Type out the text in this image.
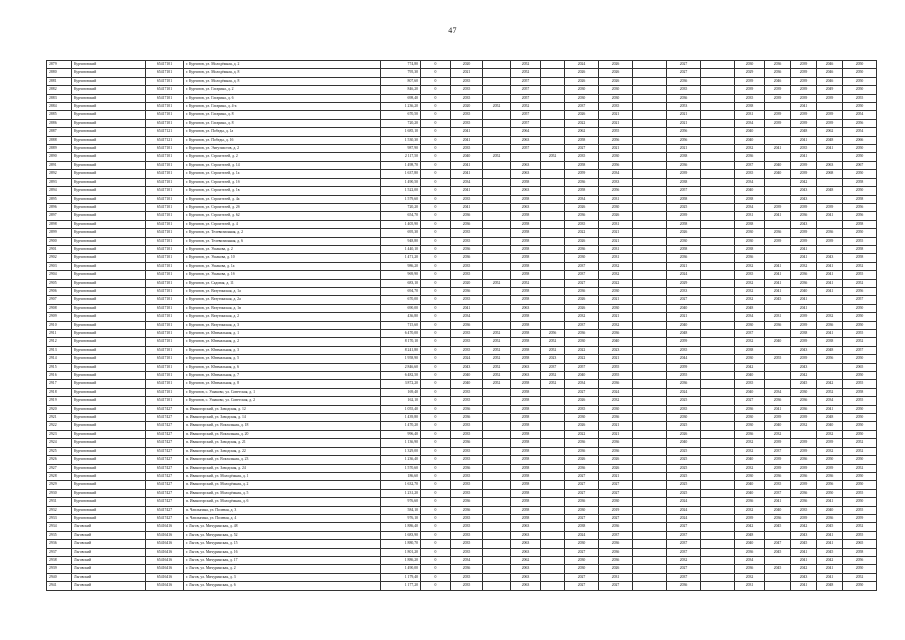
47
2879	Курчатовский	65417101	г. Курчатов, ул. Молодёжная, д. 2	774,80	0	2020		2052		2024	2026		2027		2030	2036	2039	2046	2050
2880	Курчатовский	65417101	г. Курчатов, ул. Молодёжная, д. 8	795,30	0	2021		2052		2026	2026		2027		2029	2036	2039	2046	2050
2881	Курчатовский	65417101	г. Курчатов, ул. Молодёжная, д. 8	807,60	0	2035		2057		2026	2026		2036		2039	2046	2039	2046	2050
2882	Курчатовский	65417101	г. Курчатов, ул. Гагарина, д. 2	846,20	0	2035		2057		2030	2030		2035		2039	2039	2039	2049	2050
2883	Курчатовский	65417101	г. Курчатов, ул. Гагарина, д. 6	698,40	0	2035		2057		2030	2030		2036		2035	2039	2039	2039	2055
2884	Курчатовский	65417101	г. Курчатов, ул. Гагарина, д. 4-а	1 236,20	0	2020	2052	2052		2037	2035		2053		2038		2041		2050
2885	Курчатовский	65417101	г. Курчатов, ул. Гагарина, д. 8	670,50	0	2035		2057		2026	2021		2021		2031	2039	2039	2039	2054
2886	Курчатовский	65417101	г. Курчатов, ул. Гагарина, д. 8	720,20	0	2035		2057		2022	2021		2021		2034	2039	2039	2039	2056
2887	Курчатовский	65417121	г. Курчатов, ул. Победы, д. 1а	1 685,10	0	2041		2064		2062	2055		2056		2040		2048	2062	2054
2888	Курчатовский	65417121	г. Курчатов, ул. Победы, д. 16	1 530,30	0	2041		2063		2058	2056		2056		2040		2041	2048	2066
2889	Курчатовский	65417101	г. Курчатов, ул. Энтузиастов, д. 2	987,90	0	2035		2057		2027	2021		2021		2032	2041	2035	2041	2050
2890	Курчатовский	65417101	г. Курчатов, ул. Строителей, д. 2	2 117,50	0	2040	2052		2052	2035	2030		2038		2036		2041		2050
2891	Курчатовский	65417101	г. Курчатов, ул. Строителей, д. 14	1 498,70	0	2041		2063		2058	2056		2036		2037	2040	2039	2063	2067
2892	Курчатовский	65417101	г. Курчатов, ул. Строителей, д. 1а	1 637,80	0	2041		2063		2059	2034		2039		2035	2040	2039	2068	2050
2893	Курчатовский	65417101	г. Курчатов, ул. Строителей, д. 1б	1 490,50	0	2034		2058		2036	2033		2038		2034		2042		2058
2894	Курчатовский	65417101	г. Курчатов, ул. Строителей, д. 1в	1 522,00	0	2041		2063		2058	2056		2057		2040		2043	2048	2050
2895	Курчатовский	65417101	г. Курчатов, ул. Строителей, д. 4а	1 579,60	0	2035		2058		2034	2031		2058		2038		2043		2058
2896	Курчатовский	65417101	г. Курчатов, ул. Строителей, д. 2б	720,20	0	2041		2063		2026	2030		2025		2034	2039	2039	2039	2056
2897	Курчатовский	65417101	г. Курчатов, ул. Строителей, д. 62	654,70	0	2036		2058		2036	2026		2039		2031	2041	2036	2041	2056
2898	Курчатовский	65417101	г. Курчатов, ул. Строителей, д. 4	1 405,90	0	2036		2058		2035	2031		2058		2038		2043		2058
2899	Курчатовский	65417101	г. Курчатов, ул. Телевизионная, д. 2	695,30	0	2035		2058		2022	2021		2026		2030	2036	2039	2036	2050
2900	Курчатовский	65417101	г. Курчатов, ул. Телевизионная, д. 6	948,80	0	2035		2058		2026	2021		2030		2030	2039	2039	2039	2055
2901	Курчатовский	65417101	г. Курчатов, ул. Ушакова, д. 2	1 440,10	0	2036		2058		2036	2031		2058		2038		2041		2058
2902	Курчатовский	65417101	г. Курчатов, ул. Ушакова, д. 10	1 471,20	0	2036		2058		2030	2031		2036		2036		2041	2043	2058
2903	Курчатовский	65417101	г. Курчатов, ул. Ушакова, д. 1а	986,20	0	2035		2058		2037	2032		2021		2032	2041	2032	2041	2052
2904	Курчатовский	65417101	г. Курчатов, ул. Ушакова, д. 1б	969,90	0	2035		2058		2037	2032		2024		2035	2041	2036	2041	2055
2905	Курчатовский	65417101	г. Курчатов, ул. Садовая, д. 11	683,10	0	2020	2052	2052		2027	2022		2029		2032	2041	2036	2041	2052
2906	Курчатовский	65417101	г. Курчатов, ул. Ватутинская, д. 1а	694,70	0	2036		2058		2036	2030		2033		2032	2041	2040	2041	2056
2907	Курчатовский	65417101	г. Курчатов, ул. Ватутинская, д. 2а	670,00	0	2035		2058		2026	2021		2027		2032	2045	2041		2057
2908	Курчатовский	65417101	г. Курчатов, ул. Ватутинская, д. 1в	690,00	0	2041		2063		2026	2030		2040		2048		2041		2050
2909	Курчатовский	65417101	г. Курчатов, ул. Ватутинская, д. 2	436,80	0	2034		2058		2032	2021		2021		2034	2031	2039	2032	2050
2910	Курчатовский	65417101	г. Курчатов, ул. Ватутинская, д. 3	715,60	0	2036		2058		2037	2032		2040		2030	2036	2039	2036	2050
2911	Курчатовский	65417101	г. Курчатов, ул. Ювенальная, д. 1	6 470,00	0	2035	2052	2058	2056	2036	2036		2048		2037		2038	2041	2055
2912	Курчатовский	65417101	г. Курчатов, ул. Ювенальная, д. 2	8 170,10	0	2035	2052	2058	2052	2030	2040		2059		2032	2040	2039	2038	2052
2913	Курчатовский	65417101	г. Курчатов, ул. Ювенальная, д. 3	8 241,80	0	2035	2052	2058	2052	2022	2023		2035		2038		2043	2048	2057
2914	Курчатовский	65417101	г. Курчатов, ул. Ювенальная, д. 5	1 958,90	0	2024	2052	2058	2023	2022	2021		2044		2030	2055	2039	2056	2050
2915	Курчатовский	65417101	г. Курчатов, ул. Ювенальная, д. 6	2 846,60	0	2043	2052	2063	2037	2057	2055		2059		2042		2043		2065
2916	Курчатовский	65417101	г. Курчатов, ул. Ювенальная, д. 7	6 482,50	0	2040	2052	2063	2052	2040	2055		2055		2040		2042		2050
2917	Курчатовский	65417101	г. Курчатов, ул. Ювенальная, д. 8	3 872,20	0	2040	2052	2058	2052	2034	2036		2036		2035		2045	2042	2055
2918	Курчатовский	65417101	г. Курчатов, с. Ушаково, ул. Советская, д. 1	169,40	0	2035		2058		2027	2024		2024		2040	2034	2030	2052	2058
2919	Курчатовский	65417101	г. Курчатов, с. Ушаково, ул. Советская, д. 2	162,10	0	2035		2058		2026	2032		2025		2027	2036	2036	2034	2055
2920	Курчатовский	65417427	п. Иваногорский, ул. Заводская, д. 12	1 055,40	0	2036		2058		2035	2030		2035		2036	2041	2036	2041	2050
2921	Курчатовский	65417427	п. Иваногорский, ул. Заводская, д. 14	1 439,80	0	2036		2058		2030	2036		2030		2030	2039	2039	2048	2050
2922	Курчатовский	65417427	п. Иваногорский, ул. Вокзальная, д. 18	1 470,20	0	2035		2058		2026	2021		2025		2030	2040	2032	2040	2050
2923	Курчатовский	65417427	п. Иваногорский, ул. Вокзальная, д. 20	996,40	0	2035		2058		2022	2021		2026		2036	2032		2032	2050
2924	Курчатовский	65417427	п. Иваногорский, ул. Заводская, д. 21	1 136,90	0	2036		2058		2036	2036		2040		2032	2039	2039	2039	2052
2925	Курчатовский	65417427	п. Иваногорский, ул. Заводская, д. 22	1 329,00	0	2035		2058		2036	2036		2025		2032	2037	2039	2032	2052
2926	Курчатовский	65417427	п. Иваногорский, ул. Вокзальная, д. 23	1 236,40	0	2035		2058		2026	2026		2025		2040	2039	2036	2050	2050
2927	Курчатовский	65417427	п. Иваногорский, ул. Заводская, д. 24	1 570,60	0	2036		2058		2036	2026		2025		2032	2039	2039	2039	2052
2928	Курчатовский	65417427	п. Иваногорский, ул. Молодёжная, д. 1	186,60	0	2035		2058		2027	2021		2025		2030	2036	2036	2036	2050
2929	Курчатовский	65417427	п. Иваногорский, ул. Молодёжная, д. 2	1 632,70	0	2035		2058		2027	2027		2025		2040	2035	2039	2056	2050
2930	Курчатовский	65417427	п. Иваногорский, ул. Молодёжная, д. 5	1 231,20	0	2035		2058		2027	2027		2025		2040	2037	2036	2050	2055
2931	Курчатовский	65417427	п. Иваногорский, ул. Молодёжная, д. 6	976,60	0	2036		2058		2036	2030		2024		2036	2041	2036	2041	2050
2932	Курчатовский	65417427	п. Чаплыгина, ул. Полевая, д. 3	584,10	0	2036		2058		2030	2019		2024		2032	2040	2035	2040	2055
2933	Курчатовский	65417427	п. Чаплыгина, ул. Полевая, д. 4	976,10	0	2035		2058		2027	2027		2024		2039	2036	2039	2036	2059
2934	Льговский	65416416	г. Льгов, ул. Мичуринская, д. 48	1 886,40	0	2035		2063		2038	2036		2027		2042	2045	2042	2045	2052
2935	Льговский	65416416	г. Льгов, ул. Мичуринская, д. 52	1 683,90	0	2035		2063		2024	2037		2037		2048		2043	2041	2055
2936	Льговский	65416416	г. Льгов, ул. Мичуринская, д. 15	1 880,70	0	2035		2063		2030	2036		2037		2040	2047	2045	2041	2065
2937	Льговский	65416416	г. Льгов, ул. Мичуринская, д. 16	1 801,20	0	2035		2063		2027	2036		2037		2036	2045	2041	2045	2058
2938	Льговский	65416416	г. Льгов, ул. Мичуринская, д. 17	1 886,20	0	2034		2062		2030	2036		2032		2034		2041	2042	2056
2939	Льговский	65416416	г. Льгов, ул. Мичуринская, д. 2	1 490,00	0	2036		2063		2030	2026		2027		2036	2045	2042	2041	2050
2940	Льговский	65416416	г. Льгов, ул. Мичуринская, д. 3	1 179,40	0	2035		2063		2027	2031		2037		2032		2043	2041	2052
2941	Льговский	65416416	г. Льгов, ул. Мичуринская, д. 6	1 177,20	0	2035		2063		2027	2027		2036		2031		2041	2048	2050
